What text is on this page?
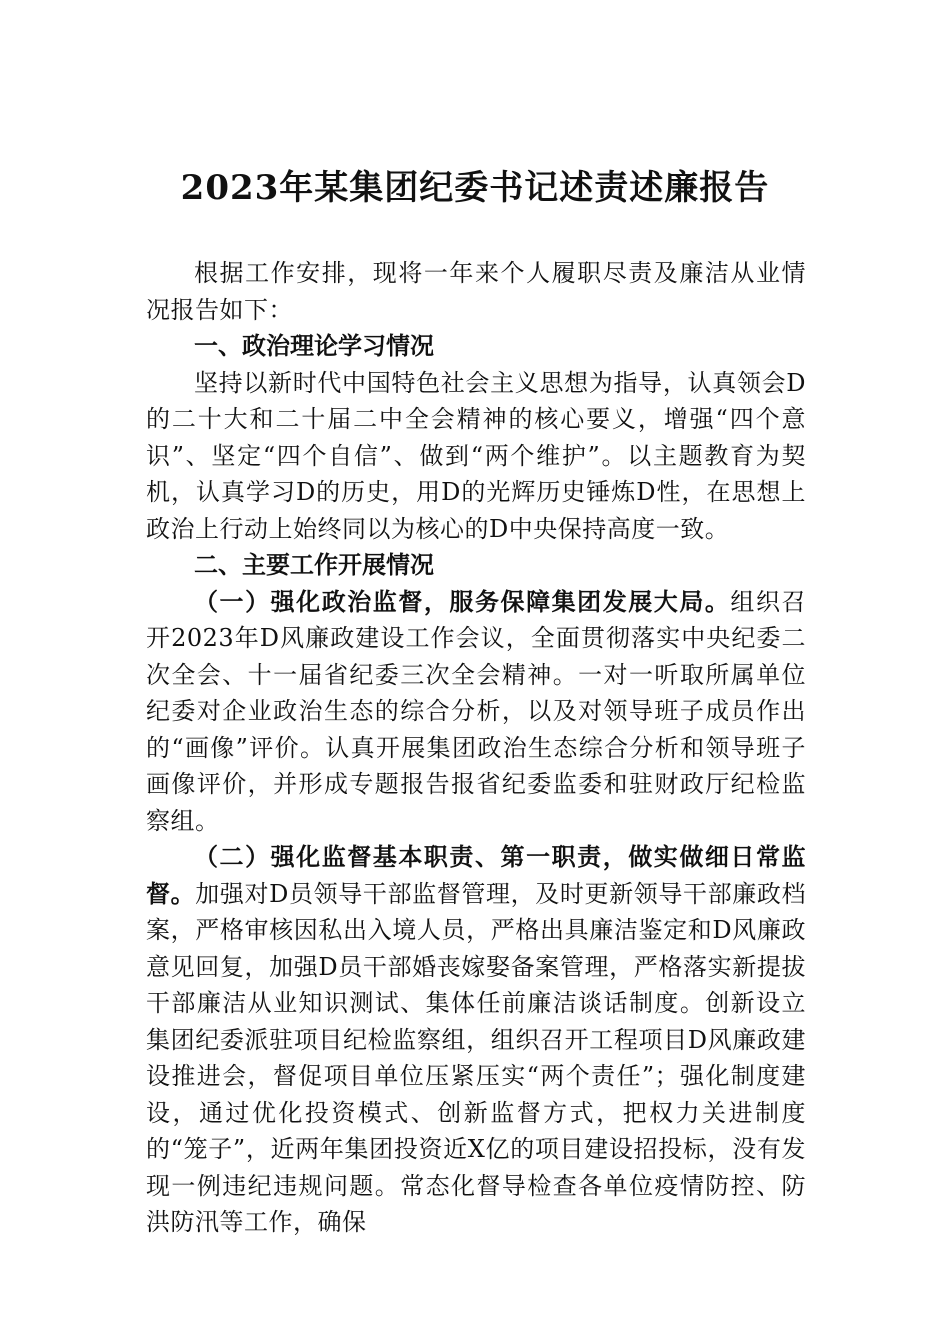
2023年某集团纪委书记述责述廉报告

根据工作安排，现将一年来个人履职尽责及廉洁从业情况报告如下：

一、政治理论学习情况

坚持以新时代中国特色社会主义思想为指导，认真领会D的二十大和二十届二中全会精神的核心要义，增强“四个意识”、坚定“四个自信”、做到“两个维护”。以主题教育为契机，认真学习D的历史，用D的光辉历史锤炼D性，在思想上政治上行动上始终同以为核心的D中央保持高度一致。

二、主要工作开展情况

（一）强化政治监督，服务保障集团发展大局。组织召开2023年D风廉政建设工作会议，全面贯彻落实中央纪委二次全会、十一届省纪委三次全会精神。一对一听取所属单位纪委对企业政治生态的综合分析，以及对领导班子成员作出的“画像”评价。认真开展集团政治生态综合分析和领导班子画像评价，并形成专题报告报省纪委监委和驻财政厅纪检监察组。

（二）强化监督基本职责、第一职责，做实做细日常监督。加强对D员领导干部监督管理，及时更新领导干部廉政档案，严格审核因私出入境人员，严格出具廉洁鉴定和D风廉政意见回复，加强D员干部婚丧嫁娶备案管理，严格落实新提拔干部廉洁从业知识测试、集体任前廉洁谈话制度。创新设立集团纪委派驻项目纪检监察组，组织召开工程项目D风廉政建设推进会，督促项目单位压紧压实“两个责任”；强化制度建设，通过优化投资模式、创新监督方式，把权力关进制度的“笼子”，近两年集团投资近X亿的项目建设招投标，没有发现一例违纪违规问题。常态化督导检查各单位疫情防控、防洪防汛等工作，确保
